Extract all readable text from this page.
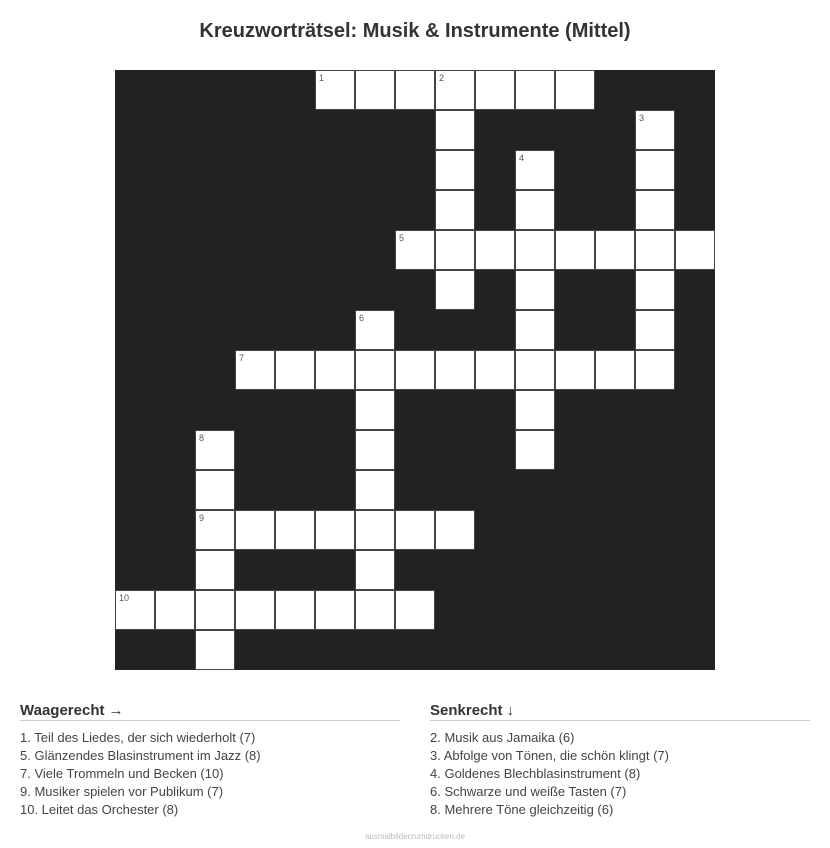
Kreuzworträtsel: Musik & Instrumente (Mittel)
1	2
3
4
5
6
7
8
9
10
Waagerecht →
1. Teil des Liedes, der sich wiederholt (7)
5. Glänzendes Blasinstrument im Jazz (8)
7. Viele Trommeln und Becken (10)
9. Musiker spielen vor Publikum (7)
10. Leitet das Orchester (8)
Senkrecht ↓
2. Musik aus Jamaika (6)
3. Abfolge von Tönen, die schön klingt (7)
4. Goldenes Blechblasinstrument (8)
6. Schwarze und weiße Tasten (7)
8. Mehrere Töne gleichzeitig (6)
ausmalbilderzumdrucken.de
